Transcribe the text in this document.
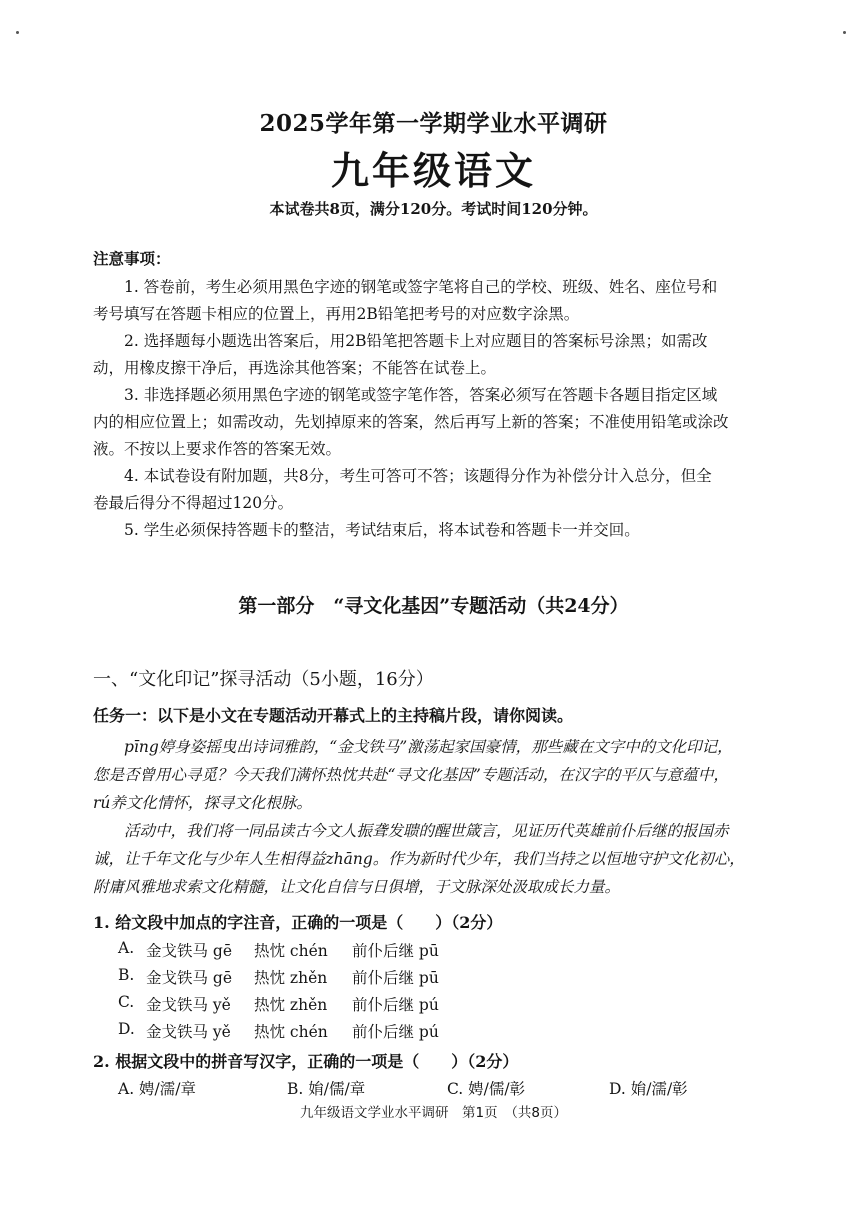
2025学年第一学期学业水平调研
九年级语文
本试卷共8页，满分120分。考试时间120分钟。
注意事项：
1. 答卷前，考生必须用黑色字迹的钢笔或签字笔将自己的学校、班级、姓名、座位号和
考号填写在答题卡相应的位置上，再用2B铅笔把考号的对应数字涂黑。
2. 选择题每小题选出答案后，用2B铅笔把答题卡上对应题目的答案标号涂黑；如需改
动，用橡皮擦干净后，再选涂其他答案；不能答在试卷上。
3. 非选择题必须用黑色字迹的钢笔或签字笔作答，答案必须写在答题卡各题目指定区域
内的相应位置上；如需改动，先划掉原来的答案，然后再写上新的答案；不准使用铅笔或涂改
液。不按以上要求作答的答案无效。
4. 本试卷设有附加题，共8分，考生可答可不答；该题得分作为补偿分计入总分，但全
卷最后得分不得超过120分。
5. 学生必须保持答题卡的整洁，考试结束后，将本试卷和答题卡一并交回。
第一部分　“寻文化基因”专题活动（共24分）
一、“文化印记”探寻活动（5小题，16分）
任务一：以下是小文在专题活动开幕式上的主持稿片段，请你阅读。
pīng婷身姿摇曳出诗词雅韵，“金戈铁马”激荡起家国豪情，那些藏在文字中的文化印记，
您是否曾用心寻觅？今天我们满怀热忱共赴“寻文化基因”专题活动，在汉字的平仄与意蕴中，
rú养文化情怀，探寻文化根脉。
活动中，我们将一同品读古今文人振聋发聩的醒世箴言，见证历代英雄前仆后继的报国赤
诚，让千年文化与少年人生相得益zhāng。作为新时代少年，我们当持之以恒地守护文化初心，
附庸风雅地求索文化精髓，让文化自信与日俱增，于文脉深处汲取成长力量。
1. 给文段中加点的字注音，正确的一项是（　　）（2分）
A. 金戈铁马 gē 热忱 chén 前仆后继 pū
B. 金戈铁马 gē 热忱 zhěn 前仆后继 pū
C. 金戈铁马 yě 热忱 zhěn 前仆后继 pú
D. 金戈铁马 yě 热忱 chén 前仆后继 pú
2. 根据文段中的拼音写汉字，正确的一项是（　　）（2分）
A. 娉/濡/章	B. 姢/儒/章	C. 娉/儒/彰	D. 姢/濡/彰
九年级语文学业水平调研　第1页　（共8页）
